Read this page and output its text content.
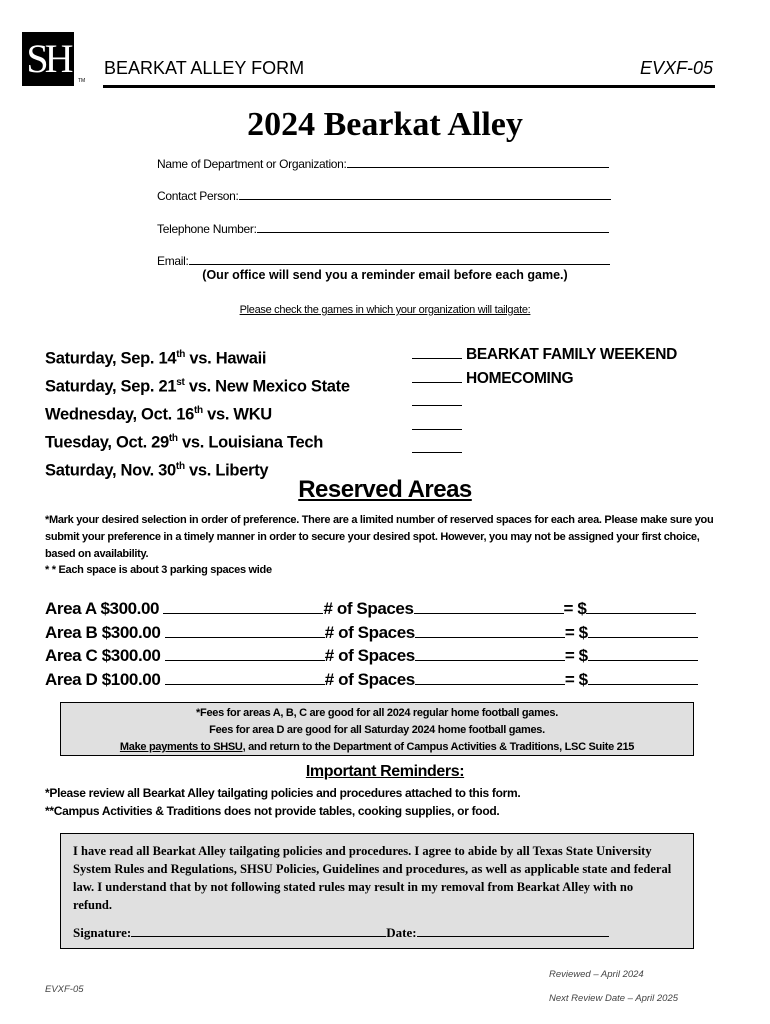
SH	TM
BEARKAT ALLEY FORM	EVXF-05
2024 Bearkat Alley
Name of Department or Organization:
Contact Person:
Telephone Number:
Email:
(Our office will send you a reminder email before each game.)
Please check the games in which your organization will tailgate:
Saturday, Sep. 14th vs. Hawaii
Saturday, Sep. 21st vs. New Mexico State
Wednesday, Oct. 16th vs. WKU
Tuesday, Oct. 29th vs. Louisiana Tech
Saturday, Nov. 30th vs. Liberty
BEARKAT FAMILY WEEKEND
HOMECOMING
Reserved Areas
*Mark your desired selection in order of preference. There are a limited number of reserved spaces for each area. Please make sure you submit your preference in a timely manner in order to secure your desired spot. However, you may not be assigned your first choice, based on availability.
* * Each space is about 3 parking spaces wide
Area A $300.00	# of Spaces	= $
Area B $300.00	# of Spaces	= $
Area C $300.00	# of Spaces	= $
Area D $100.00	# of Spaces	= $

*Fees for areas A, B, C are good for all 2024 regular home football games.

Fees for area D are good for all Saturday 2024 home football games.

Make payments to SHSU, and return to the Department of Campus Activities & Traditions, LSC Suite 215

Important Reminders:
*Please review all Bearkat Alley tailgating policies and procedures attached to this form.
**Campus Activities & Traditions does not provide tables, cooking supplies, or food.
I have read all Bearkat Alley tailgating policies and procedures. I agree to abide by all Texas State University System Rules and Regulations, SHSU Policies, Guidelines and procedures, as well as applicable state and federal law. I understand that by not following stated rules may result in my removal from Bearkat Alley with no refund.
Signature:	Date:
EVXF-05
Reviewed – April 2024
Next Review Date – April 2025
